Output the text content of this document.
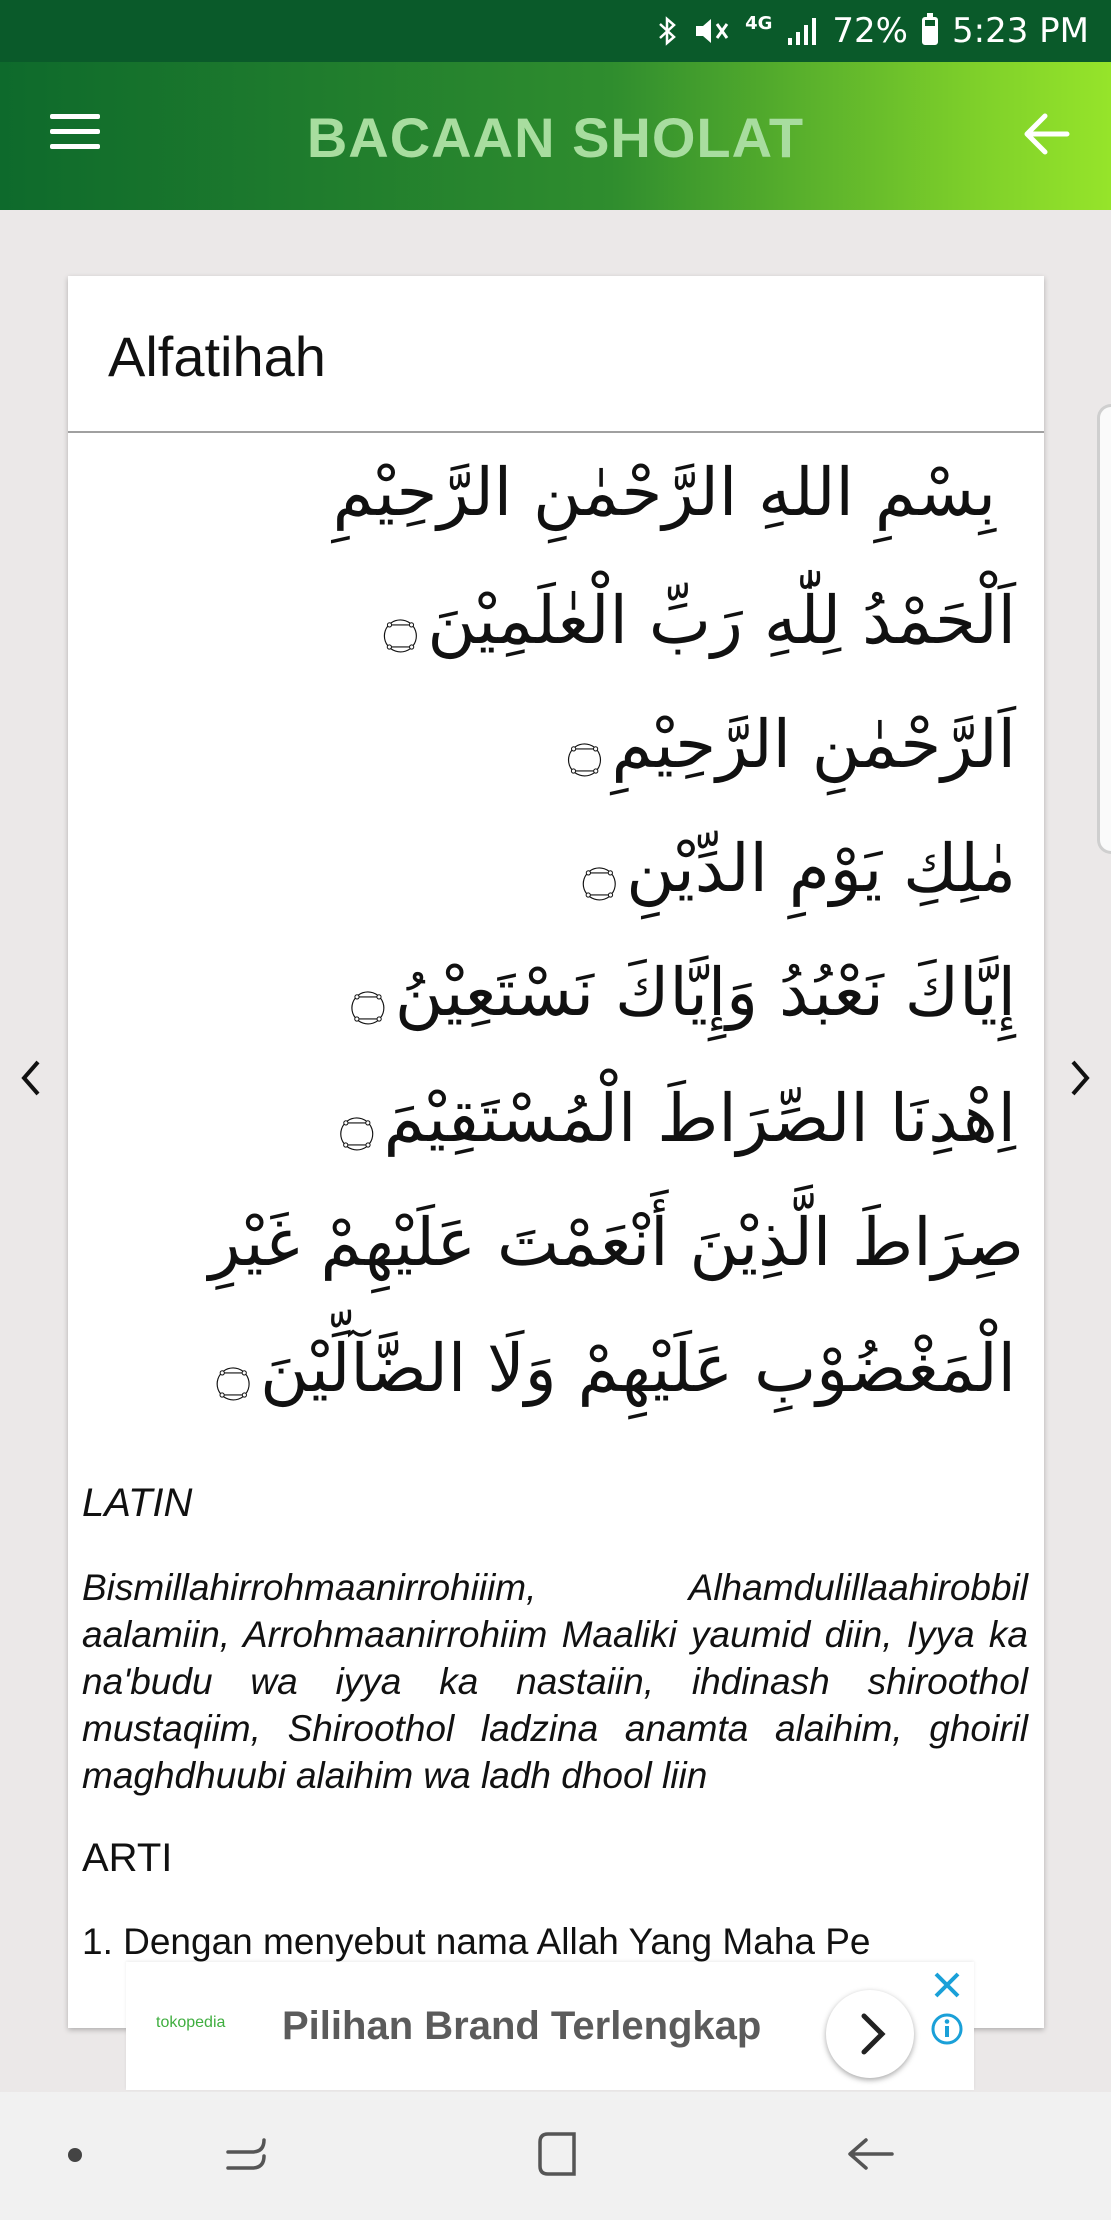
4G 72% 5:23 PM
BACAAN SHOLAT
Alfatihah
بِسْمِ اللهِ الرَّحْمٰنِ الرَّحِيْمِ
اَلْحَمْدُ لِلّٰهِ رَبِّ الْعٰلَمِيْنَ۝
اَلرَّحْمٰنِ الرَّحِيْمِ۝
مٰلِكِ يَوْمِ الدِّيْنِ۝
إِيَّاكَ نَعْبُدُ وَإِيَّاكَ نَسْتَعِيْنُ۝
اِهْدِنَا الصِّرَاطَ الْمُسْتَقِيْمَ۝
صِرَاطَ الَّذِيْنَ أَنْعَمْتَ عَلَيْهِمْ غَيْرِ
الْمَغْضُوْبِ عَلَيْهِمْ وَلَا الضَّآلِّيْنَ۝
LATIN
Bismillahirrohmaanirrohiiim, Alhamdulillaahirobbil aalamiin, Arrohmaanirrohiim Maaliki yaumid diin, Iyya ka na'budu wa iyya ka nastaiin, ihdinash shiroothol mustaqiim, Shiroothol ladzina anamta alaihim, ghoiril maghdhuubi alaihim wa ladh dhool liin
ARTI
1. Dengan menyebut nama Allah Yang Maha Pe
tokopedia Pilihan Brand Terlengkap
